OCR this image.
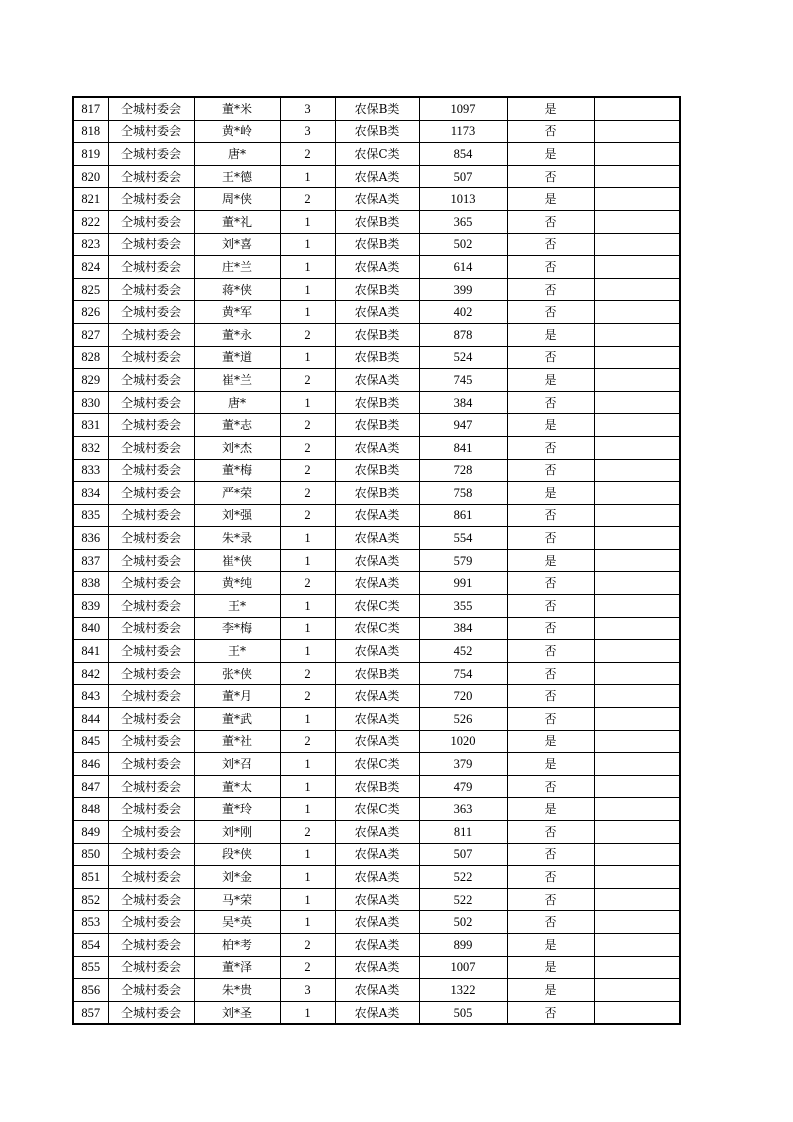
817	仝城村委会	董*米	3	农保B类	1097	是	
818	仝城村委会	黄*岭	3	农保B类	1173	否	
819	仝城村委会	唐*	2	农保C类	854	是	
820	仝城村委会	王*德	1	农保A类	507	否	
821	仝城村委会	周*侠	2	农保A类	1013	是	
822	仝城村委会	董*礼	1	农保B类	365	否	
823	仝城村委会	刘*喜	1	农保B类	502	否	
824	仝城村委会	庄*兰	1	农保A类	614	否	
825	仝城村委会	蒋*侠	1	农保B类	399	否	
826	仝城村委会	黄*军	1	农保A类	402	否	
827	仝城村委会	董*永	2	农保B类	878	是	
828	仝城村委会	董*道	1	农保B类	524	否	
829	仝城村委会	崔*兰	2	农保A类	745	是	
830	仝城村委会	唐*	1	农保B类	384	否	
831	仝城村委会	董*志	2	农保B类	947	是	
832	仝城村委会	刘*杰	2	农保A类	841	否	
833	仝城村委会	董*梅	2	农保B类	728	否	
834	仝城村委会	严*荣	2	农保B类	758	是	
835	仝城村委会	刘*强	2	农保A类	861	否	
836	仝城村委会	朱*录	1	农保A类	554	否	
837	仝城村委会	崔*侠	1	农保A类	579	是	
838	仝城村委会	黄*纯	2	农保A类	991	否	
839	仝城村委会	王*	1	农保C类	355	否	
840	仝城村委会	李*梅	1	农保C类	384	否	
841	仝城村委会	王*	1	农保A类	452	否	
842	仝城村委会	张*侠	2	农保B类	754	否	
843	仝城村委会	董*月	2	农保A类	720	否	
844	仝城村委会	董*武	1	农保A类	526	否	
845	仝城村委会	董*社	2	农保A类	1020	是	
846	仝城村委会	刘*召	1	农保C类	379	是	
847	仝城村委会	董*太	1	农保B类	479	否	
848	仝城村委会	董*玲	1	农保C类	363	是	
849	仝城村委会	刘*刚	2	农保A类	811	否	
850	仝城村委会	段*侠	1	农保A类	507	否	
851	仝城村委会	刘*金	1	农保A类	522	否	
852	仝城村委会	马*荣	1	农保A类	522	否	
853	仝城村委会	吴*英	1	农保A类	502	否	
854	仝城村委会	柏*考	2	农保A类	899	是	
855	仝城村委会	董*泽	2	农保A类	1007	是	
856	仝城村委会	朱*贵	3	农保A类	1322	是	
857	仝城村委会	刘*圣	1	农保A类	505	否	
